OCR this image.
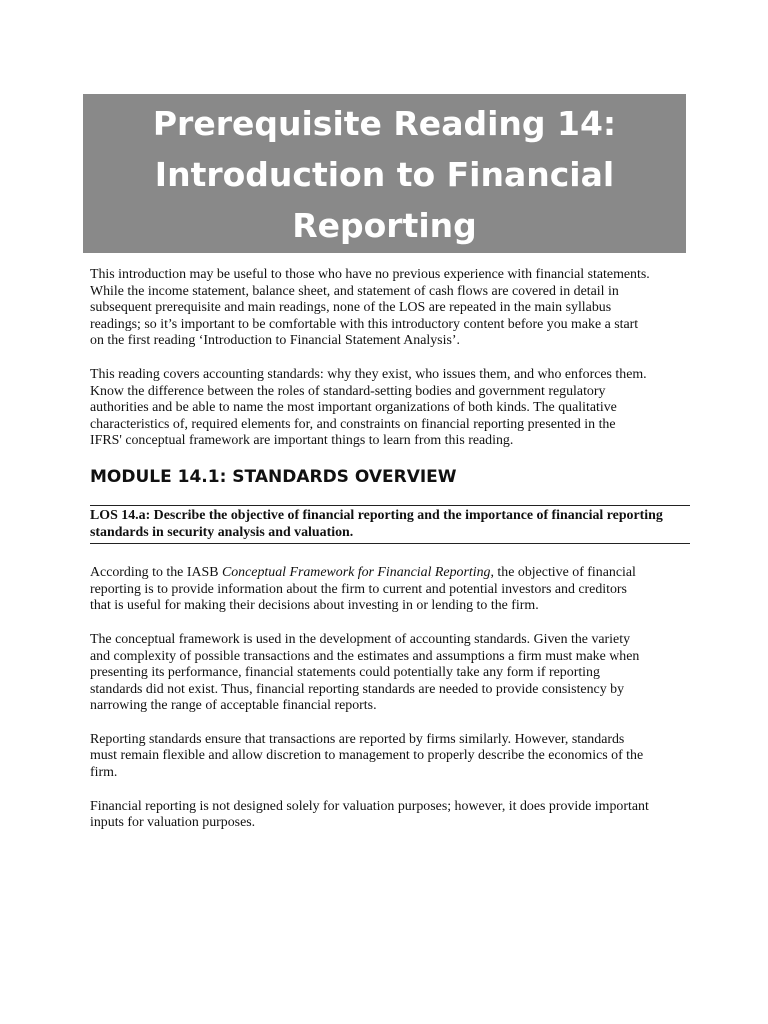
Prerequisite Reading 14:
Introduction to Financial
Reporting

This introduction may be useful to those who have no previous experience with financial statements.
While the income statement, balance sheet, and statement of cash flows are covered in detail in
subsequent prerequisite and main readings, none of the LOS are repeated in the main syllabus
readings; so it’s important to be comfortable with this introductory content before you make a start
on the first reading ‘Introduction to Financial Statement Analysis’.

This reading covers accounting standards: why they exist, who issues them, and who enforces them.
Know the difference between the roles of standard-setting bodies and government regulatory
authorities and be able to name the most important organizations of both kinds. The qualitative
characteristics of, required elements for, and constraints on financial reporting presented in the
IFRS' conceptual framework are important things to learn from this reading.

MODULE 14.1: STANDARDS OVERVIEW
LOS 14.a: Describe the objective of financial reporting and the importance of financial reporting
standards in security analysis and valuation.

According to the IASB Conceptual Framework for Financial Reporting, the objective of financial
reporting is to provide information about the firm to current and potential investors and creditors
that is useful for making their decisions about investing in or lending to the firm.

The conceptual framework is used in the development of accounting standards. Given the variety
and complexity of possible transactions and the estimates and assumptions a firm must make when
presenting its performance, financial statements could potentially take any form if reporting
standards did not exist. Thus, financial reporting standards are needed to provide consistency by
narrowing the range of acceptable financial reports.

Reporting standards ensure that transactions are reported by firms similarly. However, standards
must remain flexible and allow discretion to management to properly describe the economics of the
firm.

Financial reporting is not designed solely for valuation purposes; however, it does provide important
inputs for valuation purposes.
